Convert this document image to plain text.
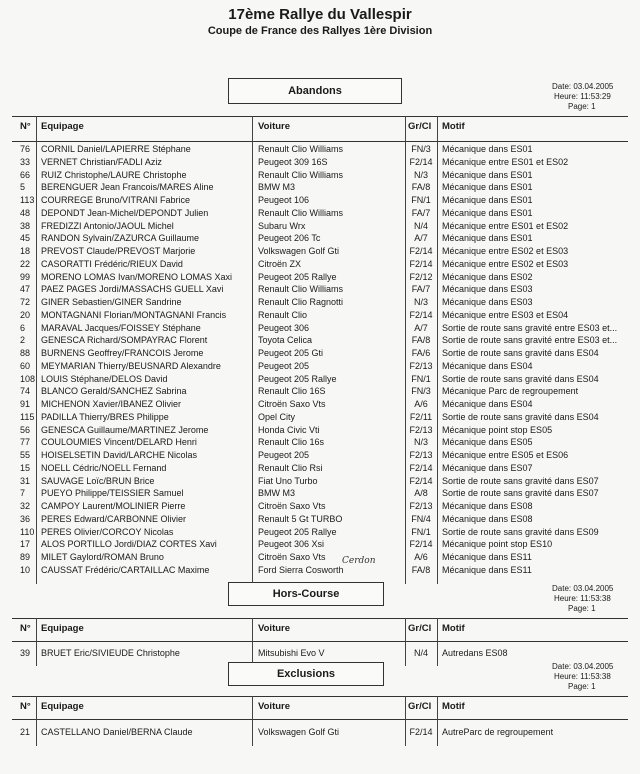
17ème Rallye du Vallespir
Coupe de France des Rallyes 1ère Division
Abandons	Date: 03.04.2005
Heure: 11:53:29
Page: 1
N° Equipage	Voiture	Gr/Cl Motif
76	CORNIL Daniel/LAPIERRE Stéphane	Renault Clio Williams	FN/3	Mécanique dans ES01
33	VERNET Christian/FADLI Aziz	Peugeot 309 16S	F2/14	Mécanique entre ES01 et ES02
66	RUIZ Christophe/LAURE Christophe	Renault Clio Williams	N/3	Mécanique dans ES01
5	BERENGUER Jean Francois/MARES Aline	BMW M3	FA/8	Mécanique dans ES01
113 COURREGE Bruno/VITRANI Fabrice	Peugeot 106	FN/1	Mécanique dans ES01
48	DEPONDT Jean-Michel/DEPONDT Julien	Renault Clio Williams	FA/7	Mécanique dans ES01
38	FREDIZZI Antonio/JAOUL Michel	Subaru Wrx	N/4	Mécanique entre ES01 et ES02
45	RANDON Sylvain/ZAZURCA Guillaume	Peugeot 206 Tc	A/7	Mécanique dans ES01
18	PREVOST Claude/PREVOST Marjorie	Volkswagen Golf Gti	F2/14	Mécanique entre ES02 et ES03
22	CASORATTI Frédéric/RIEUX David	Citroën ZX	F2/14	Mécanique entre ES02 et ES03
99	MORENO LOMAS Ivan/MORENO LOMAS Xaxi	Peugeot 205 Rallye	F2/12	Mécanique dans ES02
47	PAEZ PAGES Jordi/MASSACHS GUELL Xavi	Renault Clio Williams	FA/7	Mécanique dans ES03
72	GINER Sebastien/GINER Sandrine	Renault Clio Ragnotti	N/3	Mécanique dans ES03
20	MONTAGNANI Florian/MONTAGNANI Francis	Renault Clio	F2/14	Mécanique entre ES03 et ES04
6	MARAVAL Jacques/FOISSEY Stéphane	Peugeot 306	A/7	Sortie de route sans gravité entre ES03 et...
2	GENESCA Richard/SOMPAYRAC Florent	Toyota Celica	FA/8	Sortie de route sans gravité entre ES03 et...
88	BURNENS Geoffrey/FRANCOIS Jerome	Peugeot 205 Gti	FA/6	Sortie de route sans gravité dans ES04
60	MEYMARIAN Thierry/BEUSNARD Alexandre	Peugeot 205	F2/13	Mécanique dans ES04
108 LOUIS Stéphane/DELOS David	Peugeot 205 Rallye	FN/1	Sortie de route sans gravité dans ES04
74	BLANCO Gerald/SANCHEZ Sabrina	Renault Clio 16S	FN/3	Mécanique Parc de regroupement
91	MICHENON Xavier/IBANEZ Olivier	Citroën Saxo Vts	A/6	Mécanique dans ES04
115 PADILLA Thierry/BRES Philippe	Opel City	F2/11	Sortie de route sans gravité dans ES04
56	GENESCA Guillaume/MARTINEZ Jerome	Honda Civic Vti	F2/13	Mécanique point stop ES05
77	COULOUMIES Vincent/DELARD Henri	Renault Clio 16s	N/3	Mécanique dans ES05
55	HOISELSETIN David/LARCHE Nicolas	Peugeot 205	F2/13	Mécanique entre ES05 et ES06
15	NOELL Cédric/NOELL Fernand	Renault Clio Rsi	F2/14	Mécanique dans ES07
31	SAUVAGE Loïc/BRUN Brice	Fiat Uno Turbo	F2/14	Sortie de route sans gravité dans ES07
7	PUEYO Philippe/TEISSIER Samuel	BMW M3	A/8	Sortie de route sans gravité dans ES07
32	CAMPOY Laurent/MOLINIER Pierre	Citroën Saxo Vts	F2/13	Mécanique dans ES08
36	PERES Edward/CARBONNE Olivier	Renault 5 Gt TURBO	FN/4	Mécanique dans ES08
110 PERES Olivier/CORCOY Nicolas	Peugeot 205 Rallye	FN/1	Sortie de route sans gravité dans ES09
17	ALOS PORTILLO Jordi/DIAZ CORTES Xavi	Peugeot 306 Xsi	F2/14	Mécanique point stop ES10
89	MILET Gaylord/ROMAN Bruno	Citroën Saxo Vts	A/6	Mécanique dans ES11
10	CAUSSAT Frédéric/CARTAILLAC Maxime	Ford Sierra Cosworth	FA/8	Mécanique dans ES11
Cerdon
Hors-Course	Date: 03.04.2005
Heure: 11:53:38
Page: 1
N° Equipage	Voiture	Gr/Cl Motif
39	BRUET Eric/SIVIEUDE Christophe	Mitsubishi Evo V	N/4	Autredans ES08
Exclusions
Date: 03.04.2005
Heure: 11:53:38
Page: 1
N° Equipage	Voiture	Gr/Cl Motif
21	CASTELLANO Daniel/BERNA Claude	Volkswagen Golf Gti	F2/14	AutreParc de regroupement
